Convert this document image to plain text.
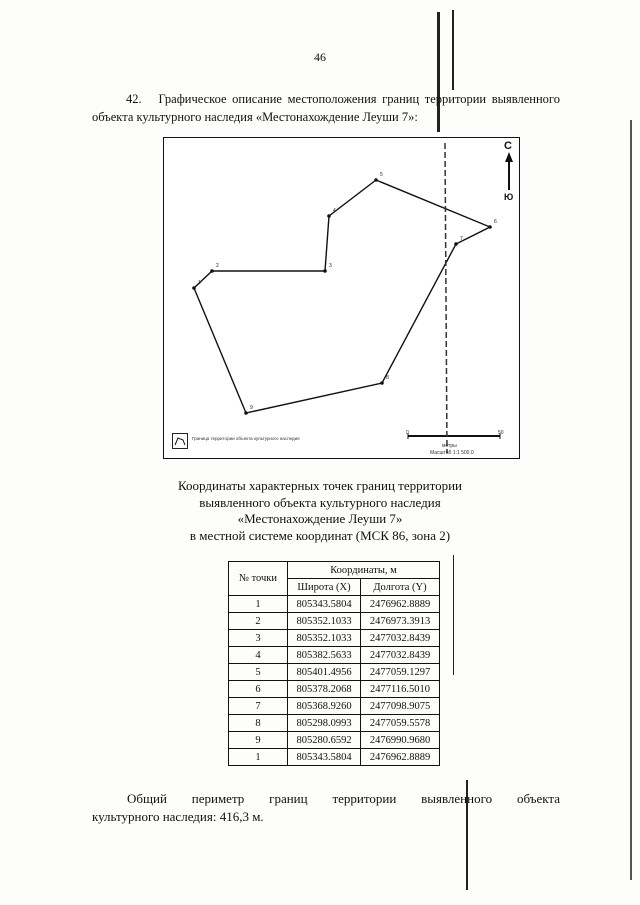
46
42. Графическое описание местоположения границ территории выявленного объекта культурного наследия «Местонахождение Леуши 7»:
1
2	3
4
5
6
7
8
9
С
Ю
Граница территории объекта культурного наследия
0	50
метры
Масштаб 1:1 500.0
Координаты характерных точек границ территории
выявленного объекта культурного наследия
«Местонахождение Леуши 7»
в местной системе координат (МСК 86, зона 2)
№ точки	Координаты, м	
	Широта (X)	Долгота (Y)
1	805343.5804	2476962.8889
2	805352.1033	2476973.3913
3	805352.1033	2477032.8439
4	805382.5633	2477032.8439
5	805401.4956	2477059.1297
6	805378.2068	2477116.5010
7	805368.9260	2477098.9075
8	805298.0993	2477059.5578
9	805280.6592	2476990.9680
1	805343.5804	2476962.8889
Общий периметр границ территории выявленного объекта
культурного наследия: 416,3 м.
